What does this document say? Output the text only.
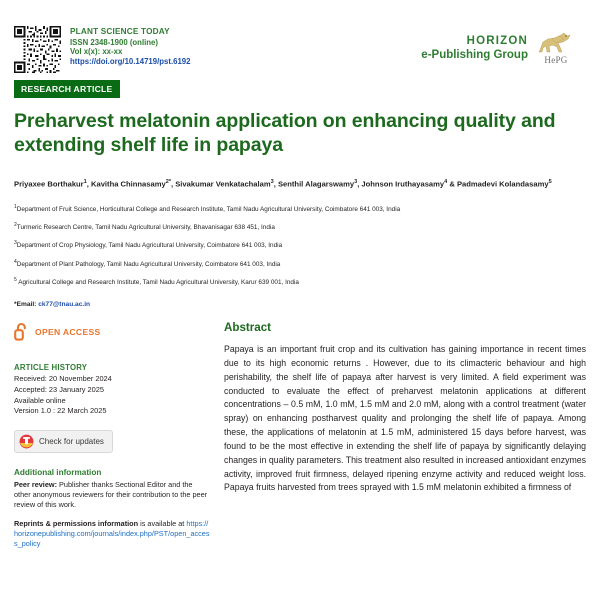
PLANT SCIENCE TODAY
ISSN 2348-1900 (online)
Vol x(x): xx-xx
https://doi.org/10.14719/pst.6192
HORIZON
e-Publishing Group	HePG
RESEARCH ARTICLE
Preharvest melatonin application on enhancing quality and extending shelf life in papaya
Priyaxee Borthakur$^1$, Kavitha Chinnasamy$^{2*}$, Sivakumar Venkatachalam$^3$, Senthil Alagarswamy$^3$, Johnson Iruthayasamy$^4$ & Padmadevi Kolandasamy$^5$
$^1$Department of Fruit Science, Horticultural College and Research Institute, Tamil Nadu Agricultural University, Coimbatore 641 003, India
$^2$Turmeric Research Centre, Tamil Nadu Agricultural University, Bhavanisagar 638 451, India
$^3$Department of Crop Physiology, Tamil Nadu Agricultural University, Coimbatore 641 003, India
$^4$Department of Plant Pathology, Tamil Nadu Agricultural University, Coimbatore 641 003, India
$^5$ Agricultural College and Research Institute, Tamil Nadu Agricultural University, Karur 639 001, India
*Email: ck77@tnau.ac.in
OPEN ACCESS
ARTICLE HISTORY
Received: 20 November 2024
Accepted: 23 January 2025
Available online
Version 1.0 : 22 March 2025
Check for updates
Additional information
Peer review: Publisher thanks Sectional Editor and the other anonymous reviewers for their contribution to the peer review of this work.
Reprints & permissions information is available at https://horizonepublishing.com/journals/index.php/PST/open_access_policy
Abstract
Papaya is an important fruit crop and its cultivation has gaining importance in recent times due to its high economic returns . However, due to its climacteric behaviour and high perishability, the shelf life of papaya after harvest is very limited. A field experiment was conducted to evaluate the effect of preharvest melatonin applications at different concentrations – 0.5 mM, 1.0 mM, 1.5 mM and 2.0 mM, along with a control treatment (water spray) on enhancing postharvest quality and prolonging the shelf life of papaya. Among these, the applications of melatonin at 1.5 mM, administered 15 days before harvest, was found to be the most effective in extending the shelf life of papaya by significantly delaying changes in quality parameters. This treatment also resulted in increased antioxidant enzymes activity, improved fruit firmness, delayed ripening enzyme activity and reduced weight loss. Papaya fruits harvested from trees sprayed with 1.5 mM melatonin exhibited a firmness of
